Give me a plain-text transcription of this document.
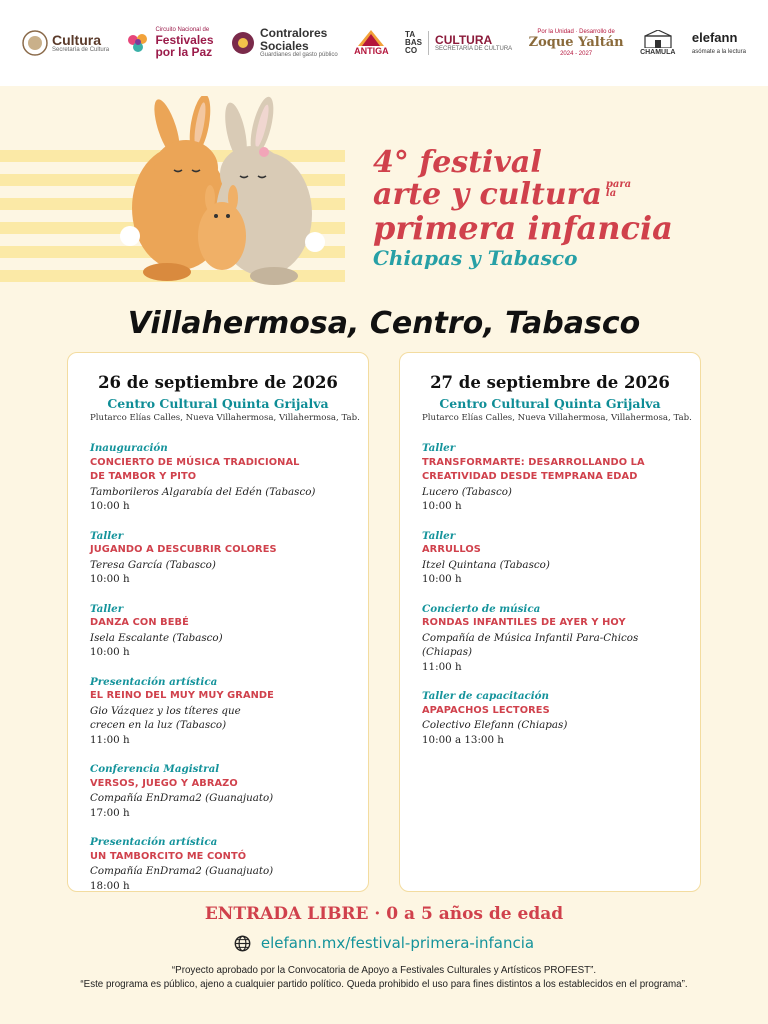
Cultura
Secretaría de Cultura
Circuito Nacional de
Festivales
por la Paz
Contralores
Sociales
Guardianes del gasto público ANTIGA
TA BAS CO
CULTURA
SECRETARÍA DE CULTURA
Por la Unidad · Desarrollo de
Zoque Yaltán
2024 - 2027	CHAMULA
elefann
asómate a la lectura
4° festival
arte y cultura para la
primera infancia
Chiapas y Tabasco
Villahermosa, Centro, Tabasco
26 de septiembre de 2026
Centro Cultural Quinta Grijalva
Plutarco Elías Calles, Nueva Villahermosa, Villahermosa, Tab.
Inauguración
CONCIERTO DE MÚSICA TRADICIONAL
DE TAMBOR Y PITO
Tamborileros Algarabía del Edén (Tabasco)
10:00 h
Taller
JUGANDO A DESCUBRIR COLORES
Teresa García (Tabasco)
10:00 h
Taller
DANZA CON BEBÉ
Isela Escalante (Tabasco)
10:00 h
Presentación artística
EL REINO DEL MUY MUY GRANDE
Gio Vázquez y los títeres que
crecen en la luz (Tabasco)
11:00 h
Conferencia Magistral
VERSOS, JUEGO Y ABRAZO
Compañía EnDrama2 (Guanajuato)
17:00 h
Presentación artística
UN TAMBORCITO ME CONTÓ
Compañía EnDrama2 (Guanajuato)
18:00 h
27 de septiembre de 2026
Centro Cultural Quinta Grijalva
Plutarco Elías Calles, Nueva Villahermosa, Villahermosa, Tab.
Taller
TRANSFORMARTE: DESARROLLANDO LA
CREATIVIDAD DESDE TEMPRANA EDAD
Lucero (Tabasco)
10:00 h
Taller
ARRULLOS
Itzel Quintana (Tabasco)
10:00 h
Concierto de música
RONDAS INFANTILES DE AYER Y HOY
Compañía de Música Infantil Para-Chicos (Chiapas)
11:00 h
Taller de capacitación
APAPACHOS LECTORES
Colectivo Elefann (Chiapas)
10:00 a 13:00 h
ENTRADA LIBRE · 0 a 5 años de edad
elefann.mx/festival-primera-infancia
“Proyecto aprobado por la Convocatoria de Apoyo a Festivales Culturales y Artísticos PROFEST”.
“Este programa es público, ajeno a cualquier partido político. Queda prohibido el uso para fines distintos a los establecidos en el programa”.
